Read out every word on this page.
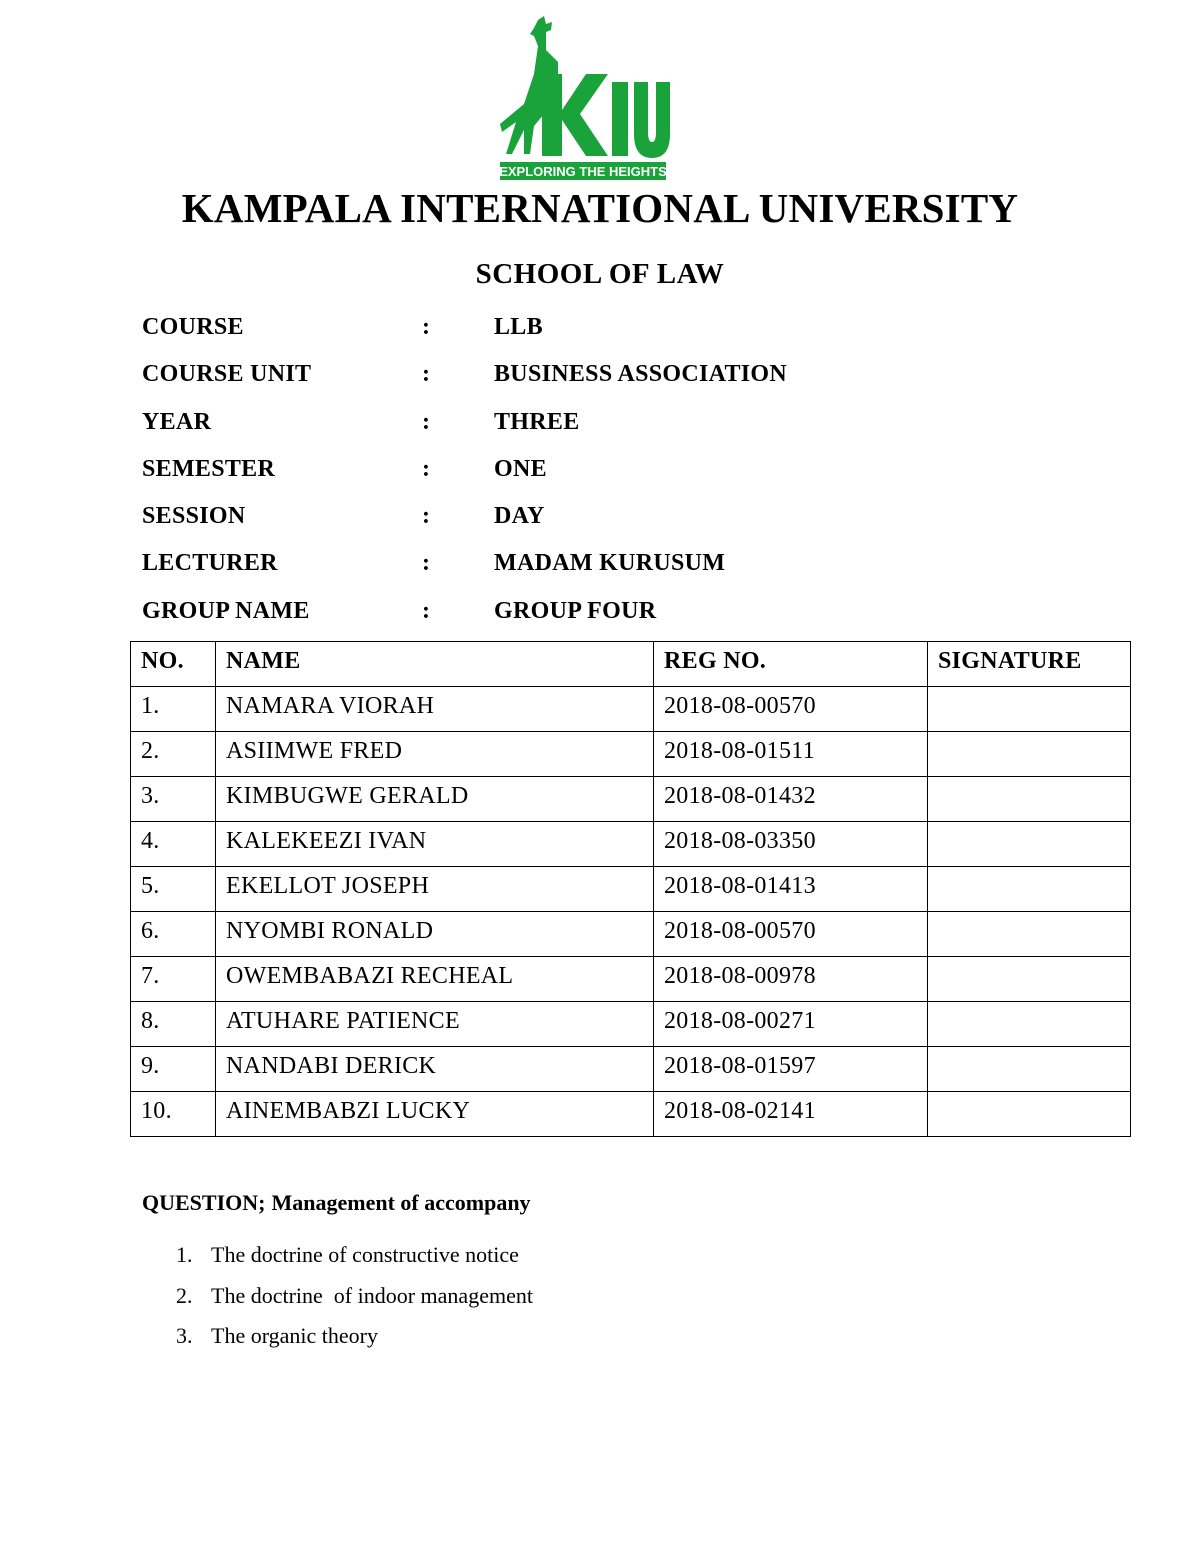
EXPLORING THE HEIGHTS
KAMPALA INTERNATIONAL UNIVERSITY
SCHOOL OF LAW
COURSE	:	LLB
COURSE UNIT	:	BUSINESS ASSOCIATION
YEAR	:	THREE
SEMESTER	:	ONE
SESSION	:	DAY
LECTURER	:	MADAM KURUSUM
GROUP NAME	:	GROUP FOUR
NO.	NAME	REG NO.	SIGNATURE
1.	NAMARA VIORAH	2018-08-00570	
2.	ASIIMWE FRED	2018-08-01511	
3.	KIMBUGWE GERALD	2018-08-01432	
4.	KALEKEEZI IVAN	2018-08-03350	
5.	EKELLOT JOSEPH	2018-08-01413	
6.	NYOMBI RONALD	2018-08-00570	
7.	OWEMBABAZI RECHEAL	2018-08-00978	
8.	ATUHARE PATIENCE	2018-08-00271	
9.	NANDABI DERICK	2018-08-01597	
10.	AINEMBABZI LUCKY	2018-08-02141	
QUESTION; Management of accompany
1. The doctrine of constructive notice
2. The doctrine  of indoor management
3. The organic theory
